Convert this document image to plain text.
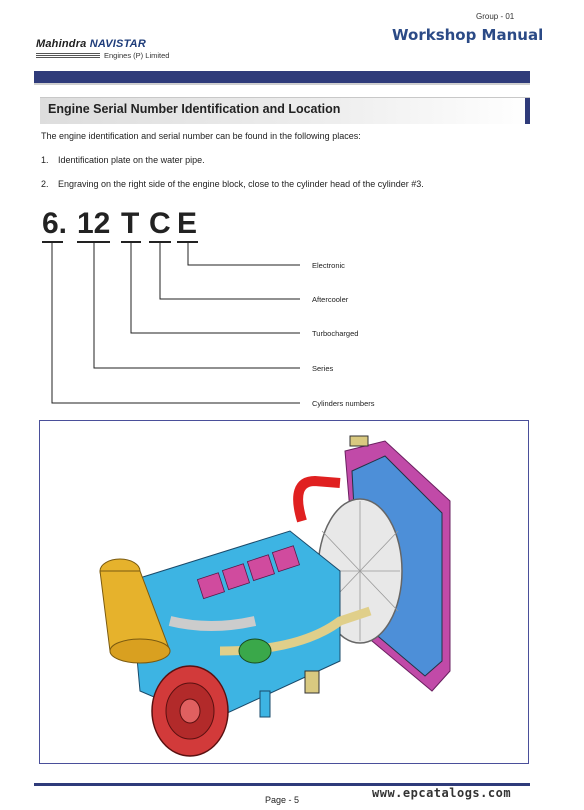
Group - 01
Workshop Manual
Mahindra NAVISTAR
Engines (P) Limited
Engine Serial Number Identification and Location
The engine identification and serial number can be found in the following places:
1. Identification plate on the water pipe.
2. Engraving on the right side of the engine block, close to the cylinder head of the cylinder #3.
6. 12 T C E
Electronic
Aftercooler
Turbocharged
Series
Cylinders numbers
Page - 5	www.epcatalogs.com
